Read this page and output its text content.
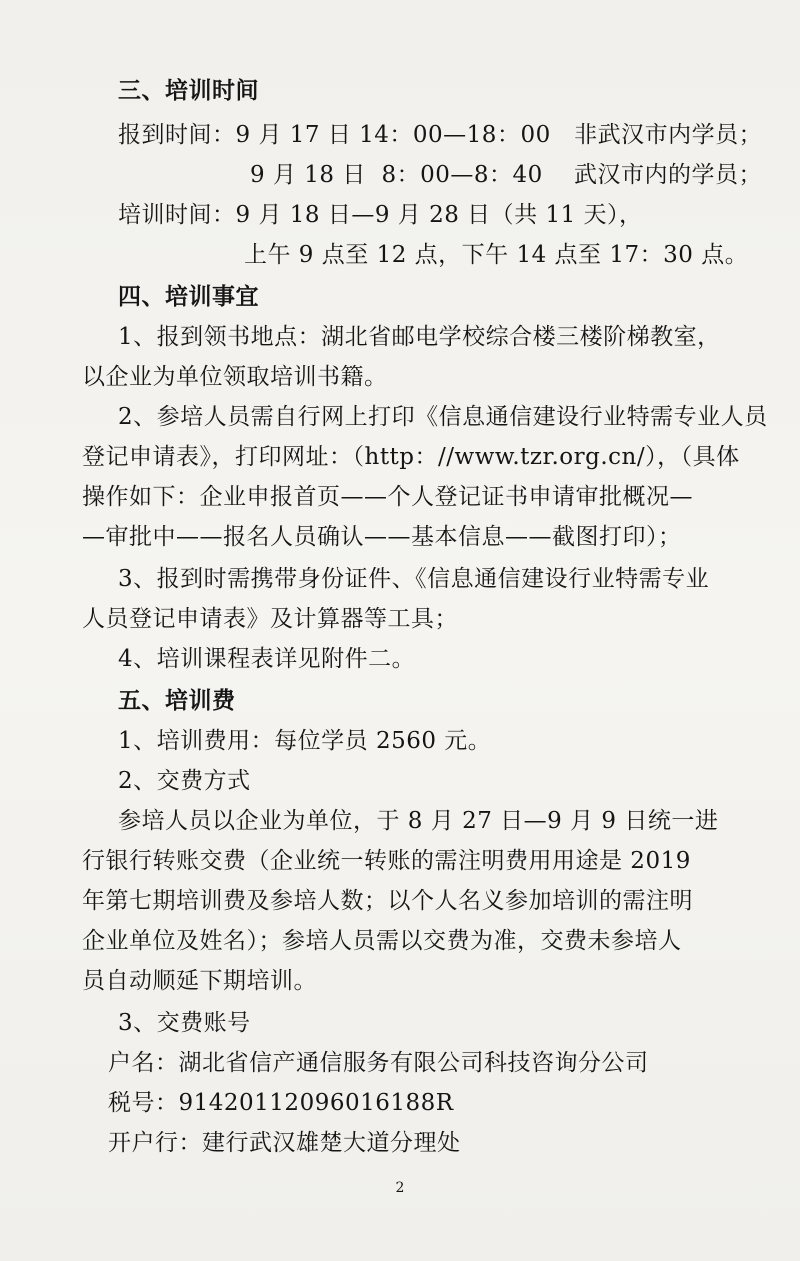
三、培训时间
报到时间：9 月 17 日 14：00—18：00   非武汉市内学员；
9 月 18 日  8：00—8：40    武汉市内的学员；
培训时间：9 月 18 日—9 月 28 日（共 11 天），
上午 9 点至 12 点，下午 14 点至 17：30 点。
四、培训事宜
1、报到领书地点：湖北省邮电学校综合楼三楼阶梯教室，
以企业为单位领取培训书籍。
2、参培人员需自行网上打印《信息通信建设行业特需专业人员
登记申请表》，打印网址：（http：//www.tzr.org.cn/），（具体
操作如下：企业申报首页——个人登记证书申请审批概况—
—审批中——报名人员确认——基本信息——截图打印）；
3、报到时需携带身份证件、《信息通信建设行业特需专业
人员登记申请表》及计算器等工具；
4、培训课程表详见附件二。
五、培训费
1、培训费用：每位学员 2560 元。
2、交费方式
参培人员以企业为单位，于 8 月 27 日—9 月 9 日统一进
行银行转账交费（企业统一转账的需注明费用用途是 2019
年第七期培训费及参培人数；以个人名义参加培训的需注明
企业单位及姓名）；参培人员需以交费为准，交费未参培人
员自动顺延下期培训。
3、交费账号
户名：湖北省信产通信服务有限公司科技咨询分公司
税号：91420112096016188R
开户行：建行武汉雄楚大道分理处
2
